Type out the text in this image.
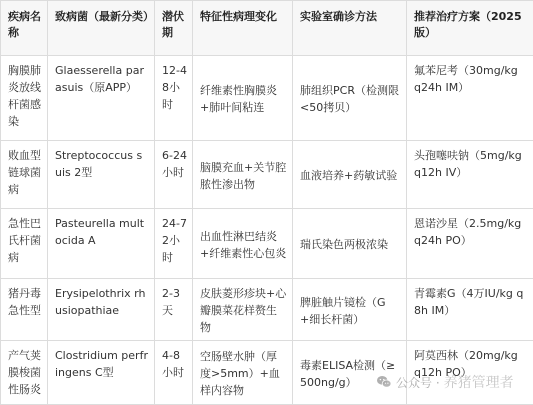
疾病名称	致病菌（最新分类）	潜伏期	特征性病理变化	实验室确诊方法	推荐治疗方案（2025版）
胸膜肺炎放线杆菌感染	Glaesserella parasuis（原APP）	12-48小时	纤维素性胸膜炎+肺叶间粘连	肺组织PCR（检测限<50拷贝）	氟苯尼考（30mg/kg q24h IM）
败血型链球菌病	Streptococcus suis 2型	6-24小时	脑膜充血+关节腔脓性渗出物	血液培养+药敏试验	头孢噻呋钠（5mg/kg q12h IV）
急性巴氏杆菌病	Pasteurella multocida A	24-72小时	出血性淋巴结炎+纤维素性心包炎	瑞氏染色两极浓染	恩诺沙星（2.5mg/kg q24h PO）
猪丹毒急性型	Erysipelothrix rhusiopathiae	2-3天	皮肤菱形疹块+心瓣膜菜花样赘生物	脾脏触片镜检（G+细长杆菌）	青霉素G（4万IU/kg q8h IM）
产气荚膜梭菌性肠炎	Clostridium perfringens C型	4-8小时	空肠壁水肿（厚度>5mm）+血样内容物	毒素ELISA检测（≥500ng/g）	阿莫西林（20mg/kg q12h PO）
公众号 · 养猪管理者
